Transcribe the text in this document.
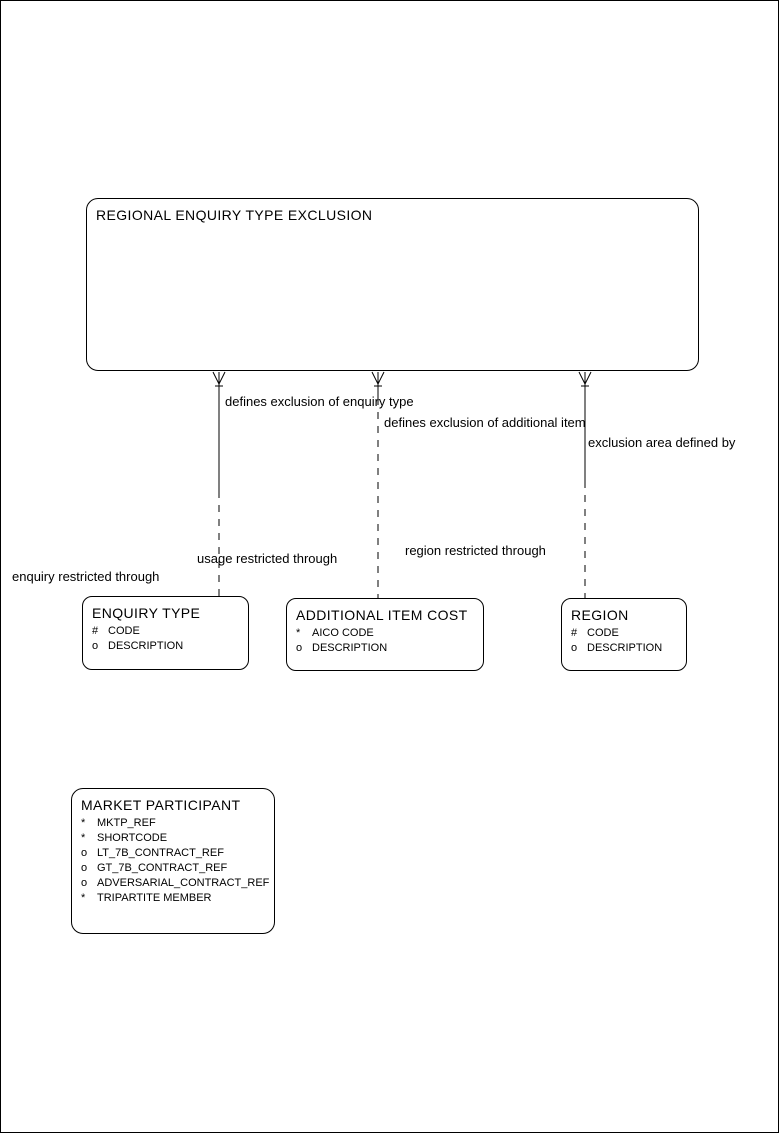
REGIONAL ENQUIRY TYPE EXCLUSION
defines exclusion of enquiry type
defines exclusion of additional item
exclusion area defined by
enquiry restricted through
usage restricted through
region restricted through
ENQUIRY TYPE
# CODE
o DESCRIPTION
ADDITIONAL ITEM COST
*	AICO CODE
o DESCRIPTION
REGION
# CODE
o DESCRIPTION
MARKET PARTICIPANT
*	MKTP_REF
*	SHORTCODE
o LT_7B_CONTRACT_REF
o GT_7B_CONTRACT_REF
o ADVERSARIAL_CONTRACT_REF
*	TRIPARTITE MEMBER
